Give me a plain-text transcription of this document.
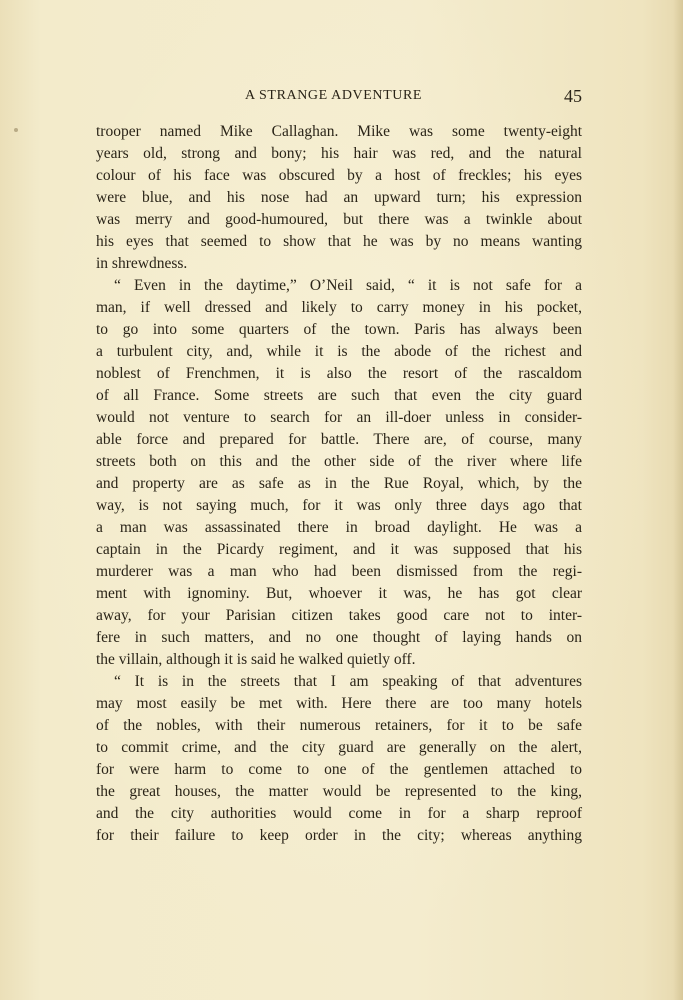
A STRANGE ADVENTURE	45
trooper named Mike Callaghan. Mike was some twenty-eight
years old, strong and bony; his hair was red, and the natural
colour of his face was obscured by a host of freckles; his eyes
were blue, and his nose had an upward turn; his expression
was merry and good-humoured, but there was a twinkle about
his eyes that seemed to show that he was by no means wanting
in shrewdness.
“ Even in the daytime,” O’Neil said, “ it is not safe for a
man, if well dressed and likely to carry money in his pocket,
to go into some quarters of the town. Paris has always been
a turbulent city, and, while it is the abode of the richest and
noblest of Frenchmen, it is also the resort of the rascaldom
of all France. Some streets are such that even the city guard
would not venture to search for an ill-doer unless in consider-
able force and prepared for battle. There are, of course, many
streets both on this and the other side of the river where life
and property are as safe as in the Rue Royal, which, by the
way, is not saying much, for it was only three days ago that
a man was assassinated there in broad daylight. He was a
captain in the Picardy regiment, and it was supposed that his
murderer was a man who had been dismissed from the regi-
ment with ignominy. But, whoever it was, he has got clear
away, for your Parisian citizen takes good care not to inter-
fere in such matters, and no one thought of laying hands on
the villain, although it is said he walked quietly off.
“ It is in the streets that I am speaking of that adventures
may most easily be met with. Here there are too many hotels
of the nobles, with their numerous retainers, for it to be safe
to commit crime, and the city guard are generally on the alert,
for were harm to come to one of the gentlemen attached to
the great houses, the matter would be represented to the king,
and the city authorities would come in for a sharp reproof
for their failure to keep order in the city; whereas anything
